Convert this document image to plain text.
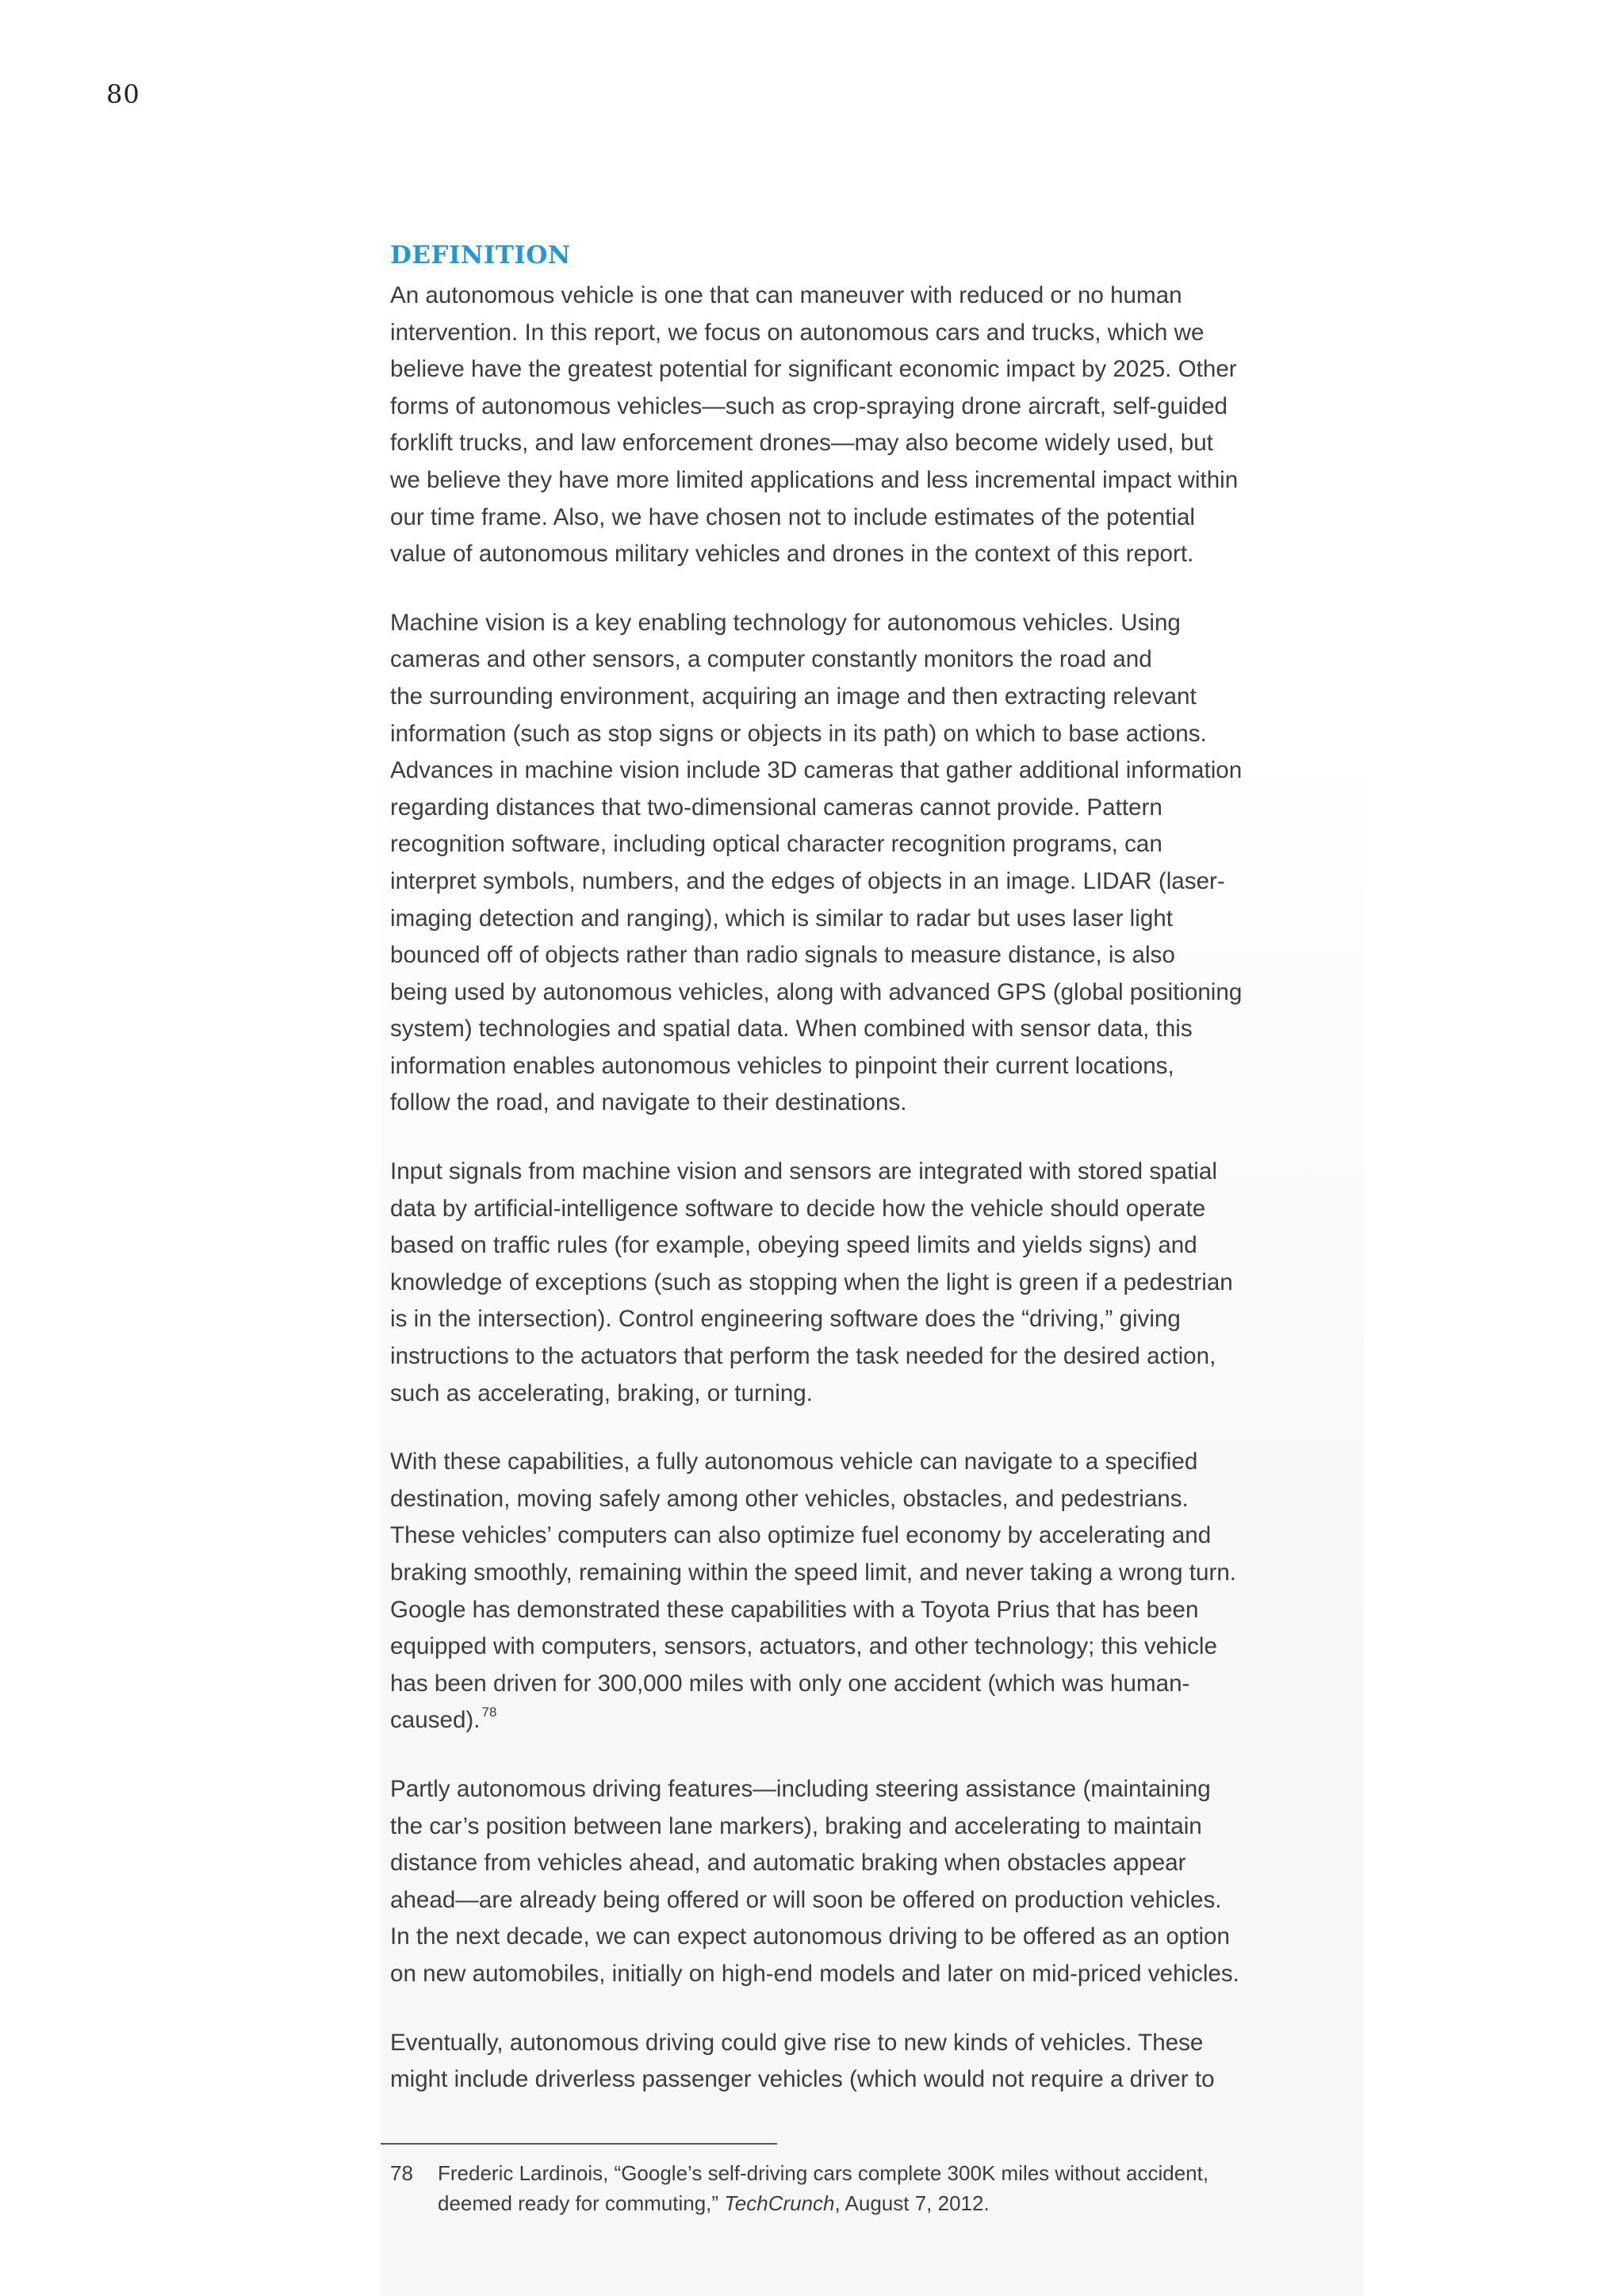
80
DEFINITION

An autonomous vehicle is one that can maneuver with reduced or no human
intervention. In this report, we focus on autonomous cars and trucks, which we
believe have the greatest potential for significant economic impact by 2025. Other
forms of autonomous vehicles—such as crop-spraying drone aircraft, self-guided
forklift trucks, and law enforcement drones—may also become widely used, but
we believe they have more limited applications and less incremental impact within
our time frame. Also, we have chosen not to include estimates of the potential
value of autonomous military vehicles and drones in the context of this report.

Machine vision is a key enabling technology for autonomous vehicles. Using
cameras and other sensors, a computer constantly monitors the road and
the surrounding environment, acquiring an image and then extracting relevant
information (such as stop signs or objects in its path) on which to base actions.
Advances in machine vision include 3D cameras that gather additional information
regarding distances that two-dimensional cameras cannot provide. Pattern
recognition software, including optical character recognition programs, can
interpret symbols, numbers, and the edges of objects in an image. LIDAR (laser-
imaging detection and ranging), which is similar to radar but uses laser light
bounced off of objects rather than radio signals to measure distance, is also
being used by autonomous vehicles, along with advanced GPS (global positioning
system) technologies and spatial data. When combined with sensor data, this
information enables autonomous vehicles to pinpoint their current locations,
follow the road, and navigate to their destinations.

Input signals from machine vision and sensors are integrated with stored spatial
data by artificial-intelligence software to decide how the vehicle should operate
based on traffic rules (for example, obeying speed limits and yields signs) and
knowledge of exceptions (such as stopping when the light is green if a pedestrian
is in the intersection). Control engineering software does the “driving,” giving
instructions to the actuators that perform the task needed for the desired action,
such as accelerating, braking, or turning.

With these capabilities, a fully autonomous vehicle can navigate to a specified
destination, moving safely among other vehicles, obstacles, and pedestrians.
These vehicles’ computers can also optimize fuel economy by accelerating and
braking smoothly, remaining within the speed limit, and never taking a wrong turn.
Google has demonstrated these capabilities with a Toyota Prius that has been
equipped with computers, sensors, actuators, and other technology; this vehicle
has been driven for 300,000 miles with only one accident (which was human-
caused). $^{78}$

Partly autonomous driving features—including steering assistance (maintaining
the car’s position between lane markers), braking and accelerating to maintain
distance from vehicles ahead, and automatic braking when obstacles appear
ahead—are already being offered or will soon be offered on production vehicles.
In the next decade, we can expect autonomous driving to be offered as an option
on new automobiles, initially on high-end models and later on mid-priced vehicles.

Eventually, autonomous driving could give rise to new kinds of vehicles. These
might include driverless passenger vehicles (which would not require a driver to

78	Frederic Lardinois, “Google’s self-driving cars complete 300K miles without accident,
deemed ready for commuting,” TechCrunch, August 7, 2012.
